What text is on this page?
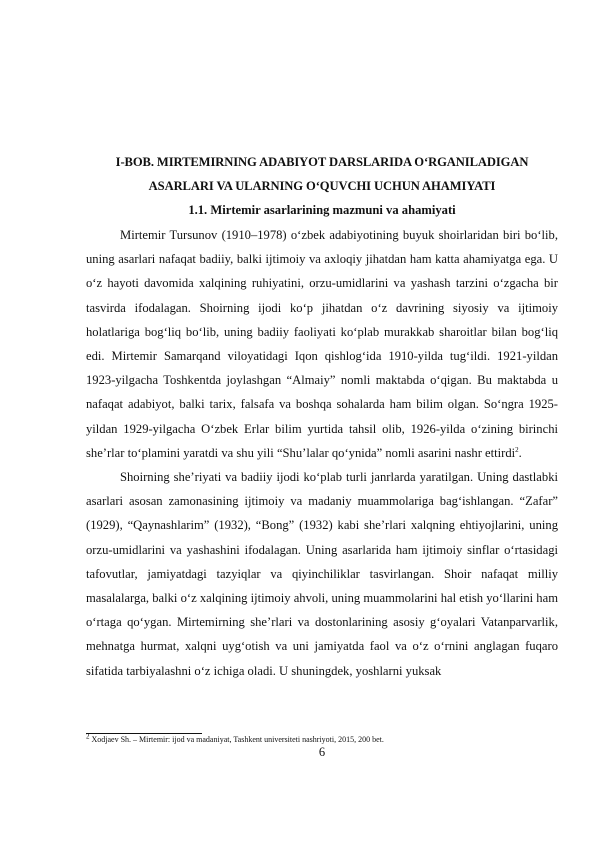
I-BOB. MIRTEMIRNING ADABIYOT DARSLARIDA O‘RGANILADIGAN ASARLARI VA ULARNING O‘QUVCHI UCHUN AHAMIYATI
1.1. Mirtemir asarlarining mazmuni va ahamiyati

Mirtemir Tursunov (1910–1978) o‘zbek adabiyotining buyuk shoirlaridan biri bo‘lib, uning asarlari nafaqat badiiy, balki ijtimoiy va axloqiy jihatdan ham katta ahamiyatga ega. U o‘z hayoti davomida xalqining ruhiyatini, orzu-umidlarini va yashash tarzini o‘zgacha bir tasvirda ifodalagan. Shoirning ijodi ko‘p jihatdan o‘z davrining siyosiy va ijtimoiy holatlariga bog‘liq bo‘lib, uning badiiy faoliyati ko‘plab murakkab sharoitlar bilan bog‘liq edi. Mirtemir Samarqand viloyatidagi Iqon qishlog‘ida 1910-yilda tug‘ildi. 1921-yildan 1923-yilgacha Toshkentda joylashgan “Almaiy” nomli maktabda o‘qigan. Bu maktabda u nafaqat adabiyot, balki tarix, falsafa va boshqa sohalarda ham bilim olgan. So‘ngra 1925-yildan 1929-yilgacha O‘zbek Erlar bilim yurtida tahsil olib, 1926-yilda o‘zining birinchi she’rlar to‘plamini yaratdi va shu yili “Shu’lalar qo‘ynida” nomli asarini nashr ettirdi$^2$.

Shoirning she’riyati va badiiy ijodi ko‘plab turli janrlarda yaratilgan. Uning dastlabki asarlari asosan zamonasining ijtimoiy va madaniy muammolariga bag‘ishlangan. “Zafar” (1929), “Qaynashlarim” (1932), “Bong” (1932) kabi she’rlari xalqning ehtiyojlarini, uning orzu-umidlarini va yashashini ifodalagan. Uning asarlarida ham ijtimoiy sinflar o‘rtasidagi tafovutlar, jamiyatdagi tazyiqlar va qiyinchiliklar tasvirlangan. Shoir nafaqat milliy masalalarga, balki o‘z xalqining ijtimoiy ahvoli, uning muammolarini hal etish yo‘llarini ham o‘rtaga qo‘ygan. Mirtemirning she’rlari va dostonlarining asosiy g‘oyalari Vatanparvarlik, mehnatga hurmat, xalqni uyg‘otish va uni jamiyatda faol va o‘z o‘rnini anglagan fuqaro sifatida tarbiyalashni o‘z ichiga oladi. U shuningdek, yoshlarni yuksak

$^2$ Xodjaev Sh. – Mirtemir: ijod va madaniyat, Tashkent universiteti nashriyoti, 2015, 200 bet.
6
